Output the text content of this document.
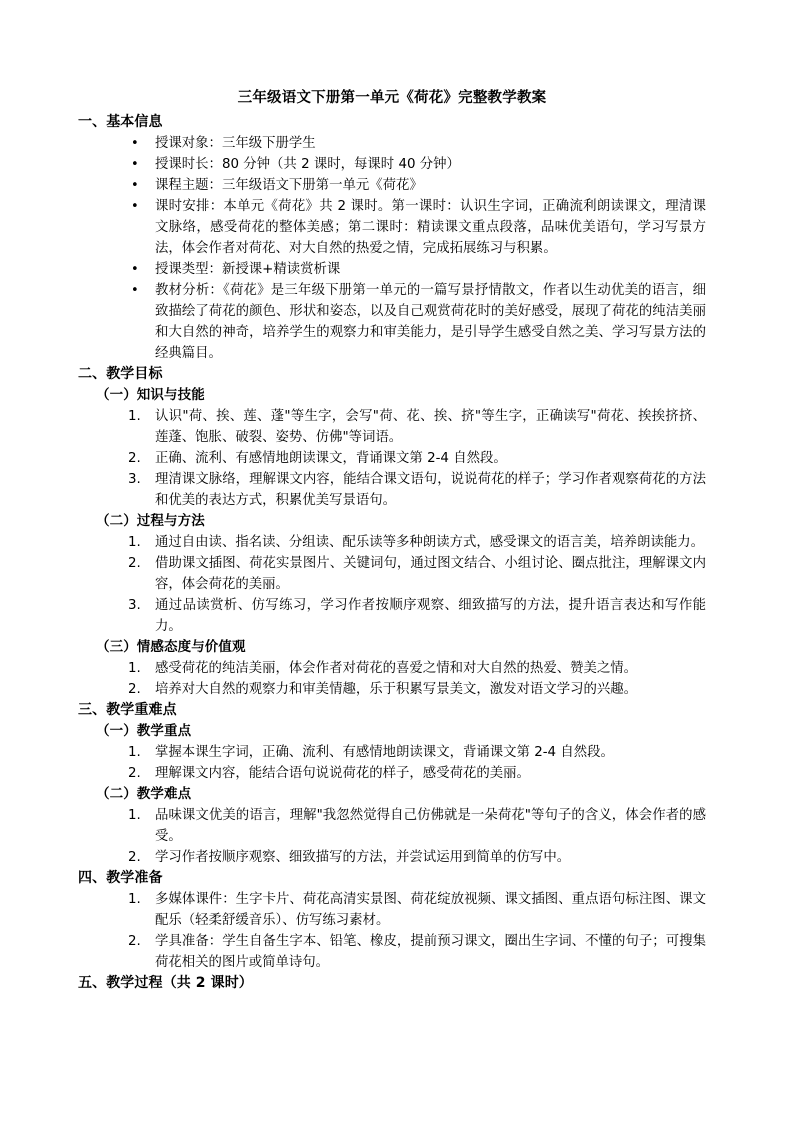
三年级语文下册第一单元《荷花》完整教学教案
一、基本信息
• 授课对象：三年级下册学生
• 授课时长：80 分钟（共 2 课时，每课时 40 分钟）
• 课程主题：三年级语文下册第一单元《荷花》
• 课时安排：本单元《荷花》共 2 课时。第一课时：认识生字词，正确流利朗读课文，理清课文脉络，感受荷花的整体美感；第二课时：精读课文重点段落，品味优美语句，学习写景方法，体会作者对荷花、对大自然的热爱之情，完成拓展练习与积累。
• 授课类型：新授课+精读赏析课
• 教材分析：《荷花》是三年级下册第一单元的一篇写景抒情散文，作者以生动优美的语言，细致描绘了荷花的颜色、形状和姿态，以及自己观赏荷花时的美好感受，展现了荷花的纯洁美丽和大自然的神奇，培养学生的观察力和审美能力，是引导学生感受自然之美、学习写景方法的经典篇目。
二、教学目标
（一）知识与技能
认识"荷、挨、莲、蓬"等生字，会写"荷、花、挨、挤"等生字，正确读写"荷花、挨挨挤挤、莲蓬、饱胀、破裂、姿势、仿佛"等词语。
正确、流利、有感情地朗读课文，背诵课文第 2-4 自然段。
理清课文脉络，理解课文内容，能结合课文语句，说说荷花的样子；学习作者观察荷花的方法和优美的表达方式，积累优美写景语句。
（二）过程与方法
通过自由读、指名读、分组读、配乐读等多种朗读方式，感受课文的语言美，培养朗读能力。
借助课文插图、荷花实景图片、关键词句，通过图文结合、小组讨论、圈点批注，理解课文内容，体会荷花的美丽。
通过品读赏析、仿写练习，学习作者按顺序观察、细致描写的方法，提升语言表达和写作能力。
（三）情感态度与价值观
感受荷花的纯洁美丽，体会作者对荷花的喜爱之情和对大自然的热爱、赞美之情。
培养对大自然的观察力和审美情趣，乐于积累写景美文，激发对语文学习的兴趣。
三、教学重难点
（一）教学重点
掌握本课生字词，正确、流利、有感情地朗读课文，背诵课文第 2-4 自然段。
理解课文内容，能结合语句说说荷花的样子，感受荷花的美丽。
（二）教学难点
品味课文优美的语言，理解"我忽然觉得自己仿佛就是一朵荷花"等句子的含义，体会作者的感受。
学习作者按顺序观察、细致描写的方法，并尝试运用到简单的仿写中。
四、教学准备
多媒体课件：生字卡片、荷花高清实景图、荷花绽放视频、课文插图、重点语句标注图、课文配乐（轻柔舒缓音乐）、仿写练习素材。
学具准备：学生自备生字本、铅笔、橡皮，提前预习课文，圈出生字词、不懂的句子；可搜集荷花相关的图片或简单诗句。
五、教学过程（共 2 课时）
